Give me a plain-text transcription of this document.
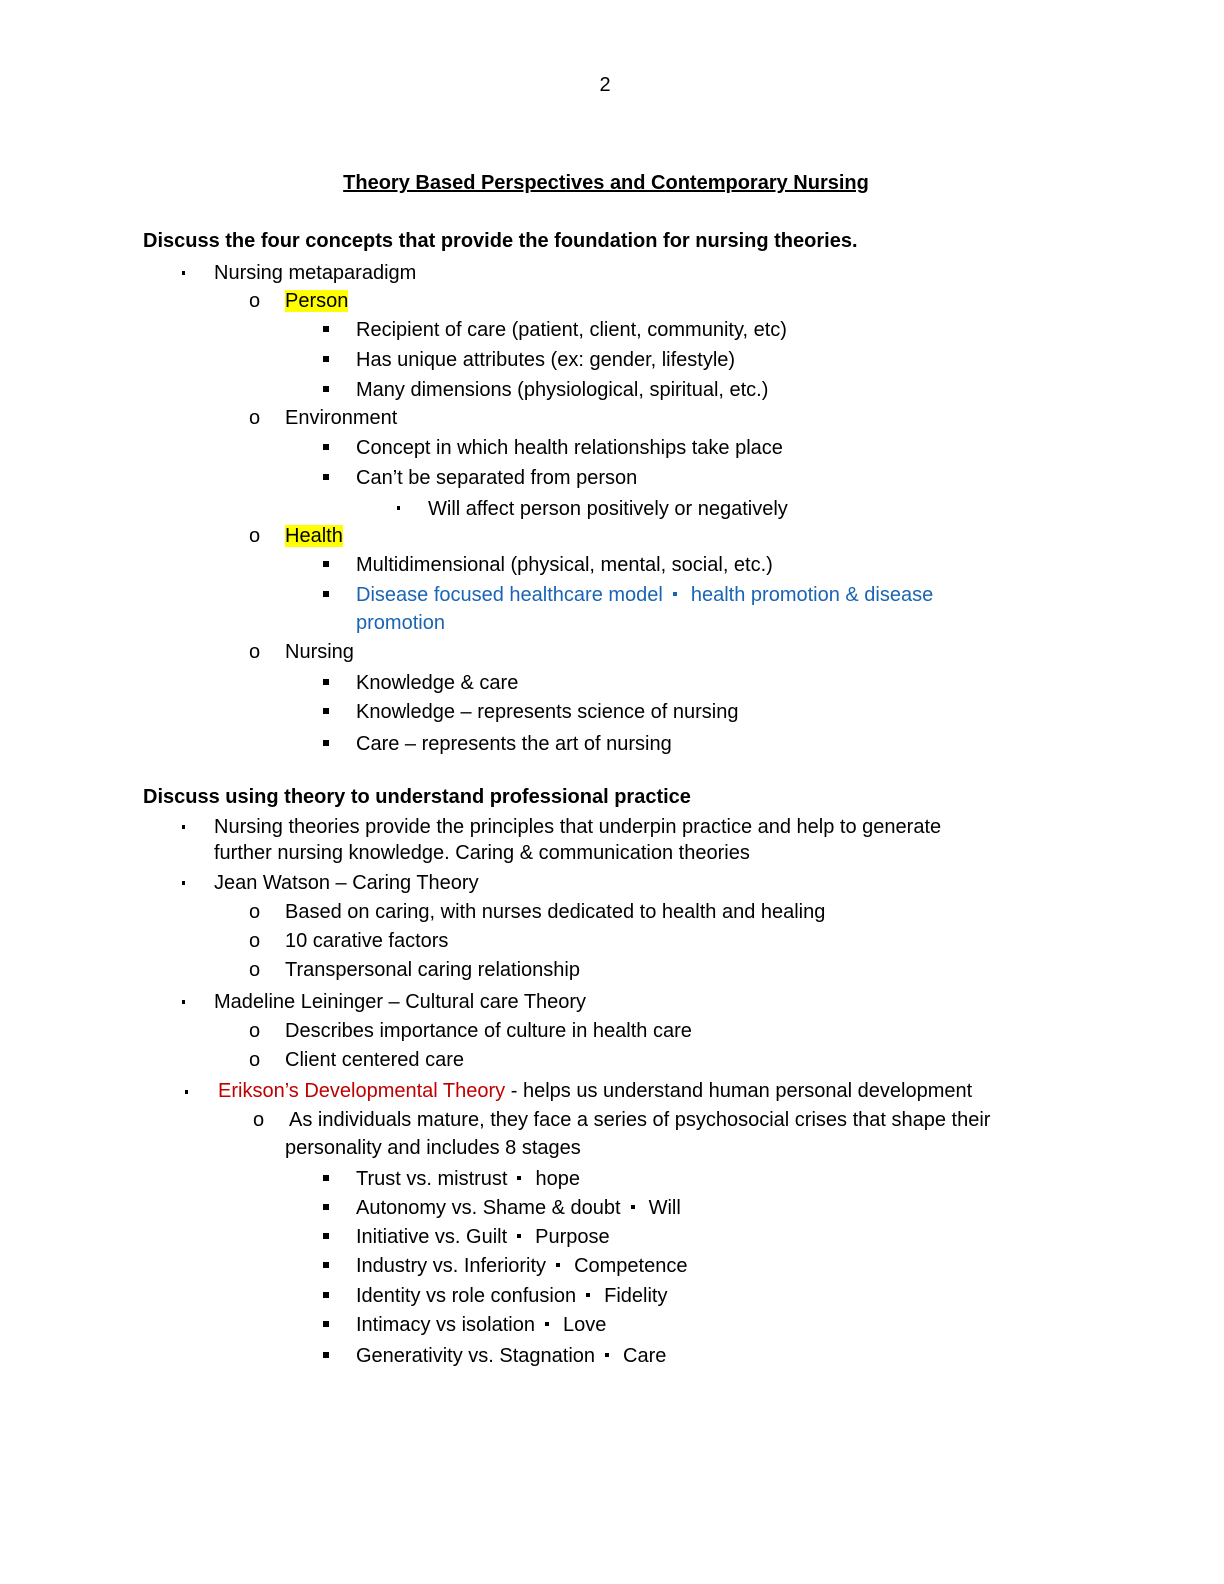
2
Theory Based Perspectives and Contemporary Nursing
Discuss the four concepts that provide the foundation for nursing theories.
Nursing metaparadigm
o Person
Recipient of care (patient, client, community, etc)
Has unique attributes (ex: gender, lifestyle)
Many dimensions (physiological, spiritual, etc.)
o Environment
Concept in which health relationships take place
Can’t be separated from person
Will affect person positively or negatively
o Health
Multidimensional (physical, mental, social, etc.)
Disease focused healthcare model health promotion & disease
promotion
o Nursing
Knowledge & care
Knowledge – represents science of nursing
Care – represents the art of nursing
Discuss using theory to understand professional practice
Nursing theories provide the principles that underpin practice and help to generate
further nursing knowledge. Caring & communication theories
Jean Watson – Caring Theory
o Based on caring, with nurses dedicated to health and healing
o 10 carative factors
o Transpersonal caring relationship
Madeline Leininger – Cultural care Theory
o Describes importance of culture in health care
o Client centered care
Erikson’s Developmental Theory - helps us understand human personal development
o As individuals mature, they face a series of psychosocial crises that shape their
personality and includes 8 stages
Trust vs. mistrust hope
Autonomy vs. Shame & doubt Will
Initiative vs. Guilt Purpose
Industry vs. Inferiority Competence
Identity vs role confusion Fidelity
Intimacy vs isolation Love
Generativity vs. Stagnation Care
